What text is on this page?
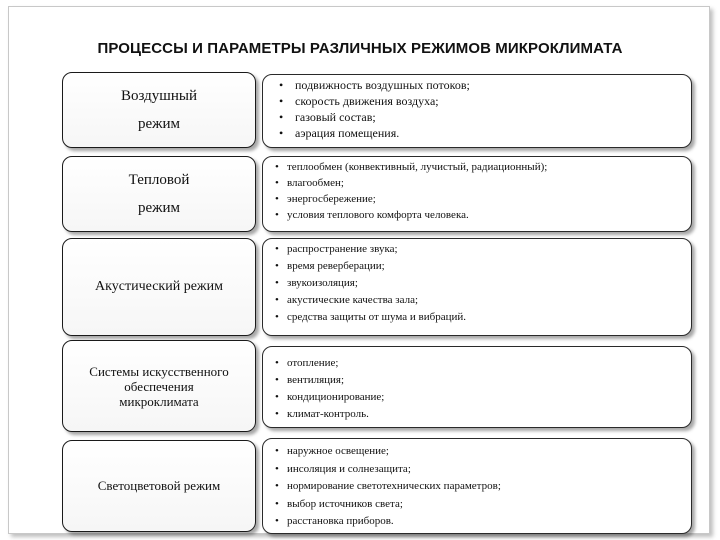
ПРОЦЕССЫ И ПАРАМЕТРЫ РАЗЛИЧНЫХ РЕЖИМОВ МИКРОКЛИМАТА
Воздушный
режим
• подвижность воздушных потоков;
• скорость движения воздуха;
• газовый состав;
• аэрация помещения.
Тепловой
режим
• теплообмен (конвективный, лучистый, радиационный);
• влагообмен;
• энергосбережение;
• условия теплового комфорта человека.
Акустический режим
• распространение звука;
• время реверберации;
• звукоизоляция;
• акустические качества зала;
• средства защиты от шума и вибраций.
Системы искусственного
обеспечения
микроклимата
• отопление;
• вентиляция;
• кондиционирование;
• климат-контроль.
Светоцветовой режим
• наружное освещение;
• инсоляция и солнезащита;
• нормирование светотехнических параметров;
• выбор источников света;
• расстановка приборов.
